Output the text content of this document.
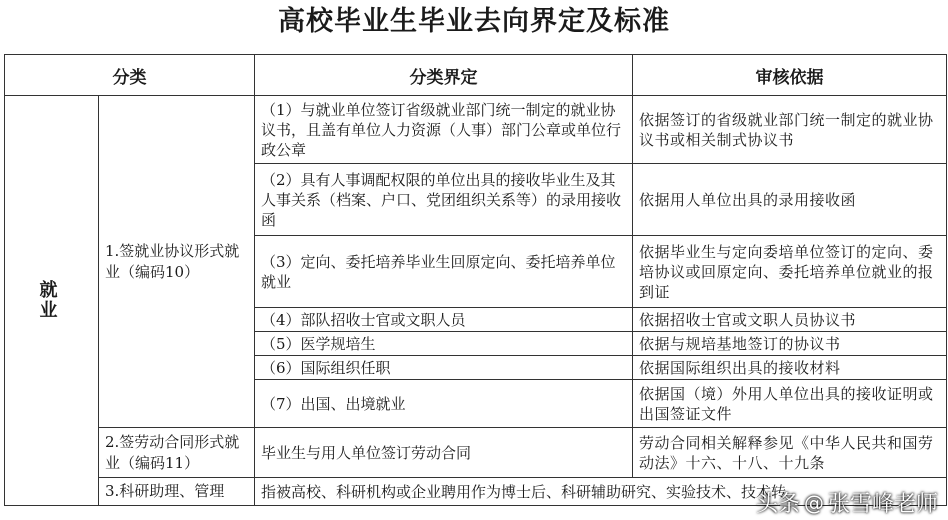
高校毕业生毕业去向界定及标准
分类		分类界定	审核依据
就 业	1.签就业协议形式就业（编码10）	（1）与就业单位签订省级就业部门统一制定的就业协议书，且盖有单位人力资源（人事）部门公章或单位行政公章	依据签订的省级就业部门统一制定的就业协议书或相关制式协议书
		（2）具有人事调配权限的单位出具的接收毕业生及其人事关系（档案、户口、党团组织关系等）的录用接收函	依据用人单位出具的录用接收函
		（3）定向、委托培养毕业生回原定向、委托培养单位就业	依据毕业生与定向委培单位签订的定向、委培协议或回原定向、委托培养单位就业的报到证
		（4）部队招收士官或文职人员	依据招收士官或文职人员协议书
		（5）医学规培生	依据与规培基地签订的协议书
		（6）国际组织任职	依据国际组织出具的接收材料
		（7）出国、出境就业	依据国（境）外用人单位出具的接收证明或出国签证文件
	2.签劳动合同形式就业（编码11）	毕业生与用人单位签订劳动合同	劳动合同相关解释参见《中华人民共和国劳动法》十六、十八、十九条
	3.科研助理、管理	指被高校、科研机构或企业聘用作为博士后、科研辅助研究、实验技术、技术转	
头条 @ 张雪峰老师
